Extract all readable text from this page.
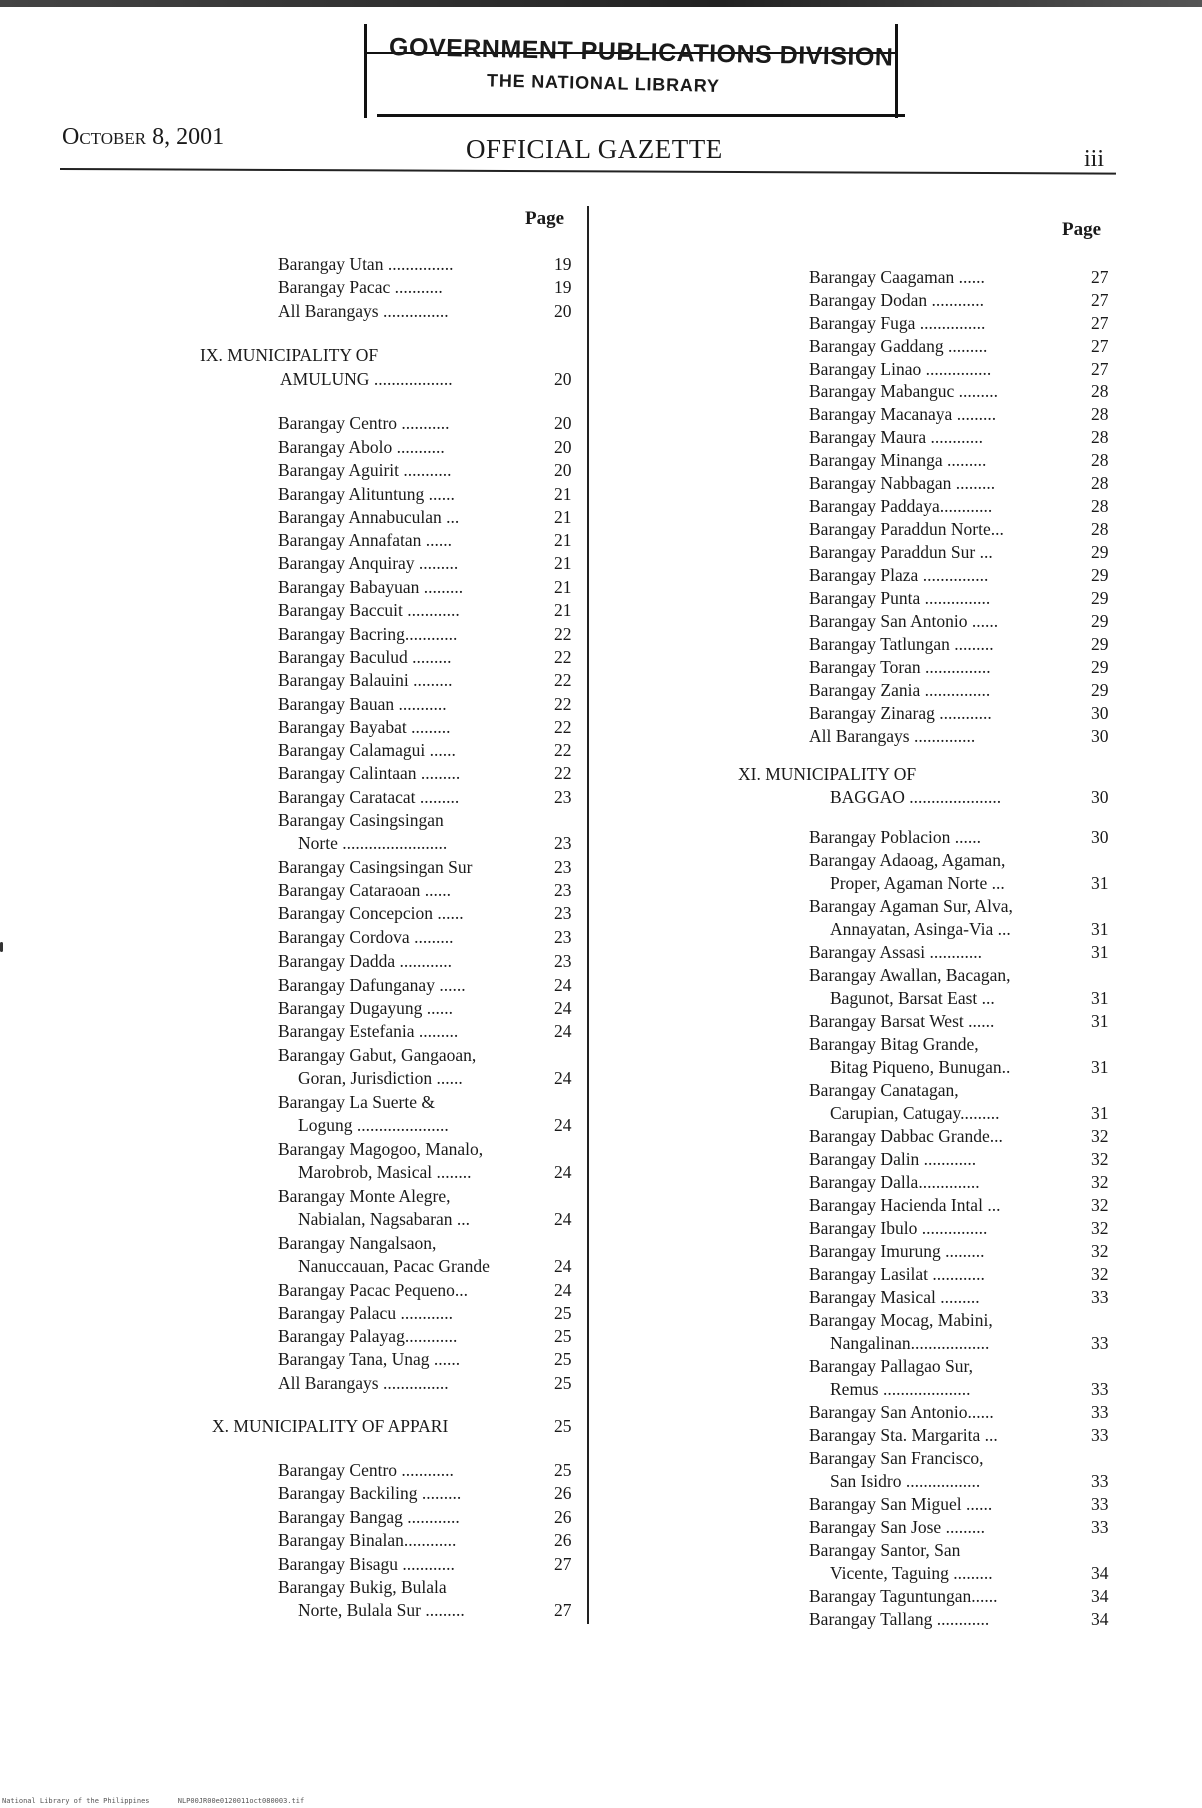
GOVERNMENT PUBLICATIONS DIVISION
THE NATIONAL LIBRARY
October 8, 2001	OFFICIAL GAZETTE	iii
Page
Page
Barangay Utan ...............	19
Barangay Pacac ...........	19
All Barangays ...............	20
IX. MUNICIPALITY OF
AMULUNG ..................	20
Barangay Centro ...........	20
Barangay Abolo ...........	20
Barangay Aguirit ...........	20
Barangay Alituntung ......	21
Barangay Annabuculan ...	21
Barangay Annafatan ......	21
Barangay Anquiray .........	21
Barangay Babayuan .........	21
Barangay Baccuit ............	21
Barangay Bacring............	22
Barangay Baculud .........	22
Barangay Balauini .........	22
Barangay Bauan ...........	22
Barangay Bayabat .........	22
Barangay Calamagui ......	22
Barangay Calintaan .........	22
Barangay Caratacat .........	23
Barangay Casingsingan
Norte ........................	23
Barangay Casingsingan Sur	23
Barangay Cataraoan ......	23
Barangay Concepcion ......	23
Barangay Cordova .........	23
Barangay Dadda ............	23
Barangay Dafunganay ......	24
Barangay Dugayung ......	24
Barangay Estefania .........	24
Barangay Gabut, Gangaoan,
Goran, Jurisdiction ......	24
Barangay La Suerte &
Logung .....................	24
Barangay Magogoo, Manalo,
Marobrob, Masical ........	24
Barangay Monte Alegre,
Nabialan, Nagsabaran ...	24
Barangay Nangalsaon,
Nanuccauan, Pacac Grande	24
Barangay Pacac Pequeno...	24
Barangay Palacu ............	25
Barangay Palayag............	25
Barangay Tana, Unag ......	25
All Barangays ...............	25
X. MUNICIPALITY OF APPARI	25
Barangay Centro ............	25
Barangay Backiling .........	26
Barangay Bangag ............	26
Barangay Binalan............	26
Barangay Bisagu ............	27
Barangay Bukig, Bulala
Norte, Bulala Sur .........	27
Barangay Caagaman ......	27
Barangay Dodan ............	27
Barangay Fuga ...............	27
Barangay Gaddang .........	27
Barangay Linao ...............	27
Barangay Mabanguc .........	28
Barangay Macanaya .........	28
Barangay Maura ............	28
Barangay Minanga .........	28
Barangay Nabbagan .........	28
Barangay Paddaya............	28
Barangay Paraddun Norte...	28
Barangay Paraddun Sur ...	29
Barangay Plaza ...............	29
Barangay Punta ...............	29
Barangay San Antonio ......	29
Barangay Tatlungan .........	29
Barangay Toran ...............	29
Barangay Zania ...............	29
Barangay Zinarag ............	30
All Barangays ..............	30
XI. MUNICIPALITY OF
BAGGAO .....................	30
Barangay Poblacion ......	30
Barangay Adaoag, Agaman,
Proper, Agaman Norte ...	31
Barangay Agaman Sur, Alva,
Annayatan, Asinga-Via ...	31
Barangay Assasi ............	31
Barangay Awallan, Bacagan,
Bagunot, Barsat East ...	31
Barangay Barsat West ......	31
Barangay Bitag Grande,
Bitag Piqueno, Bunugan..	31
Barangay Canatagan,
Carupian, Catugay.........	31
Barangay Dabbac Grande...	32
Barangay Dalin ............	32
Barangay Dalla..............	32
Barangay Hacienda Intal ...	32
Barangay Ibulo ...............	32
Barangay Imurung .........	32
Barangay Lasilat ............	32
Barangay Masical .........	33
Barangay Mocag, Mabini,
Nangalinan..................	33
Barangay Pallagao Sur,
Remus ....................	33
Barangay San Antonio......	33
Barangay Sta. Margarita ...	33
Barangay San Francisco,
San Isidro .................	33
Barangay San Miguel ......	33
Barangay San Jose .........	33
Barangay Santor, San
Vicente, Taguing .........	34
Barangay Taguntungan......	34
Barangay Tallang ............	34
National Library of the Philippines	NLP00JR00e0120011oct080003.tif
